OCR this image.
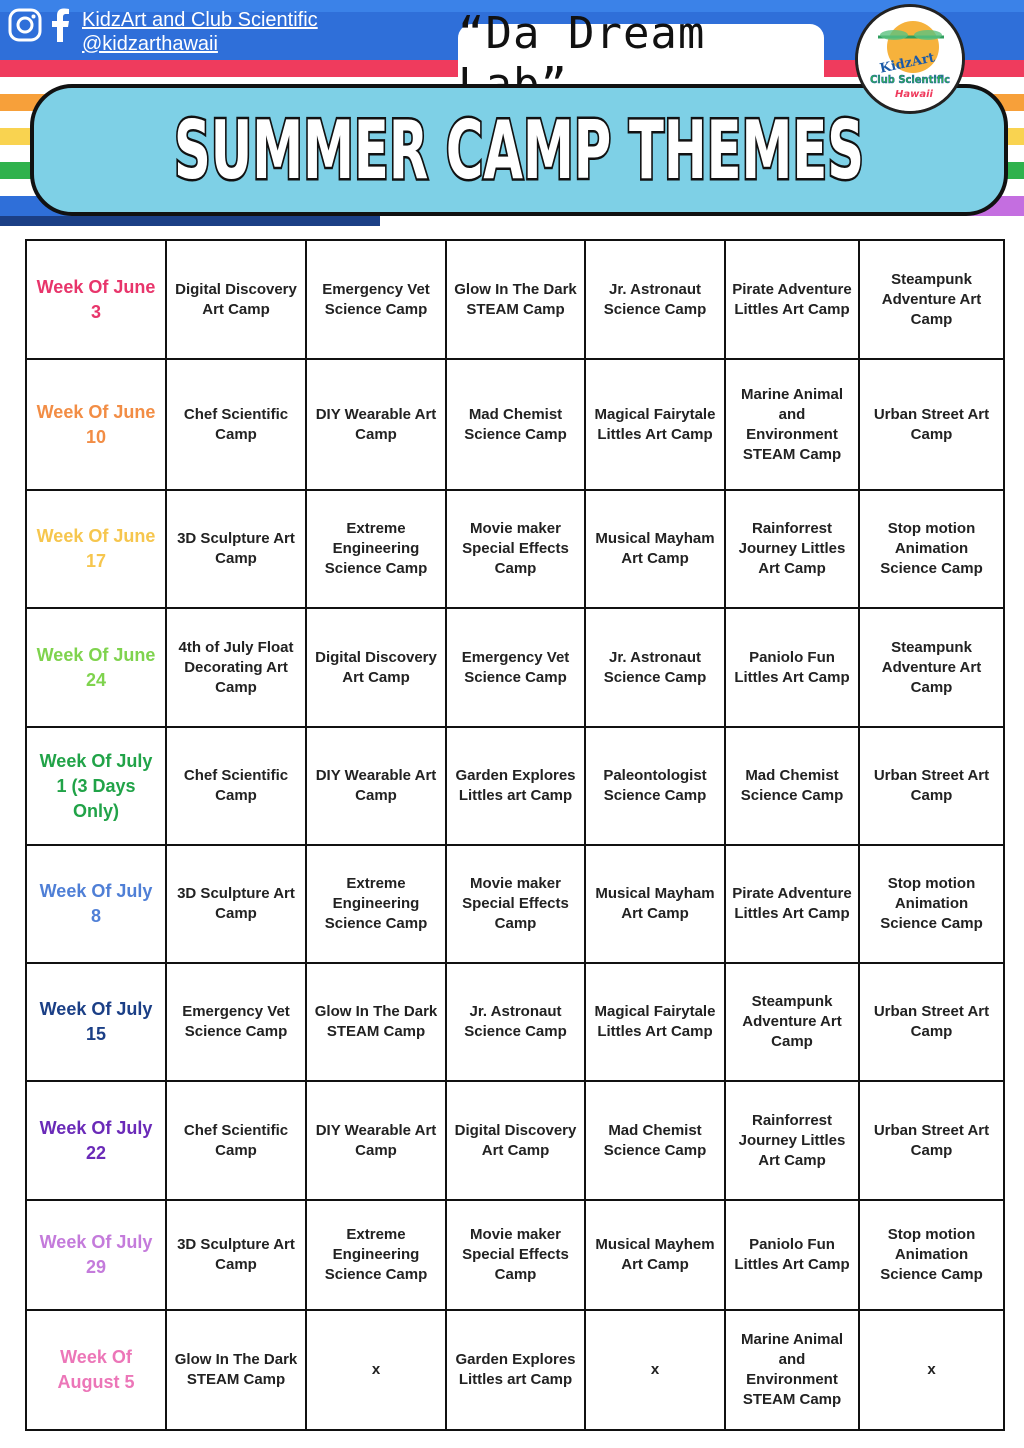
KidzArt and Club Scientific
@kidzarthawaii	“Da Dream
SUMMER CAMP THEMES
KidzArt
Club Scientific
Hawaii
Week Of June 3	Digital Discovery Art Camp	Emergency Vet Science Camp	Glow In The Dark STEAM Camp	Jr. Astronaut Science Camp	Pirate Adventure Littles Art Camp	Steampunk Adventure Art Camp
Week Of June 10	Chef Scientific Camp	DIY Wearable Art Camp	Mad Chemist Science Camp	Magical Fairytale Littles Art Camp	Marine Animal and Environment STEAM Camp	Urban Street Art Camp
Week Of June 17	3D Sculpture Art Camp	Extreme Engineering Science Camp	Movie maker Special Effects Camp	Musical Mayham Art Camp	Rainforrest Journey Littles Art Camp	Stop motion Animation Science Camp
Week Of June 24	4th of July Float Decorating Art Camp	Digital Discovery Art Camp	Emergency Vet Science Camp	Jr. Astronaut Science Camp	Paniolo Fun Littles Art Camp	Steampunk Adventure Art Camp
Week Of July 1 (3 Days Only)	Chef Scientific Camp	DIY Wearable Art Camp	Garden Explores Littles art Camp	Paleontologist Science Camp	Mad Chemist Science Camp	Urban Street Art Camp
Week Of July 8	3D Sculpture Art Camp	Extreme Engineering Science Camp	Movie maker Special Effects Camp	Musical Mayham Art Camp	Pirate Adventure Littles Art Camp	Stop motion Animation Science Camp
Week Of July 15	Emergency Vet Science Camp	Glow In The Dark STEAM Camp	Jr. Astronaut Science Camp	Magical Fairytale Littles Art Camp	Steampunk Adventure Art Camp	Urban Street Art Camp
Week Of July 22	Chef Scientific Camp	DIY Wearable Art Camp	Digital Discovery Art Camp	Mad Chemist Science Camp	Rainforrest Journey Littles Art Camp	Urban Street Art Camp
Week Of July 29	3D Sculpture Art Camp	Extreme Engineering Science Camp	Movie maker Special Effects Camp	Musical Mayhem Art Camp	Paniolo Fun Littles Art Camp	Stop motion Animation Science Camp
Week Of August 5	Glow In The Dark STEAM Camp	x	Garden Explores Littles art Camp	x	Marine Animal and Environment STEAM Camp	x
